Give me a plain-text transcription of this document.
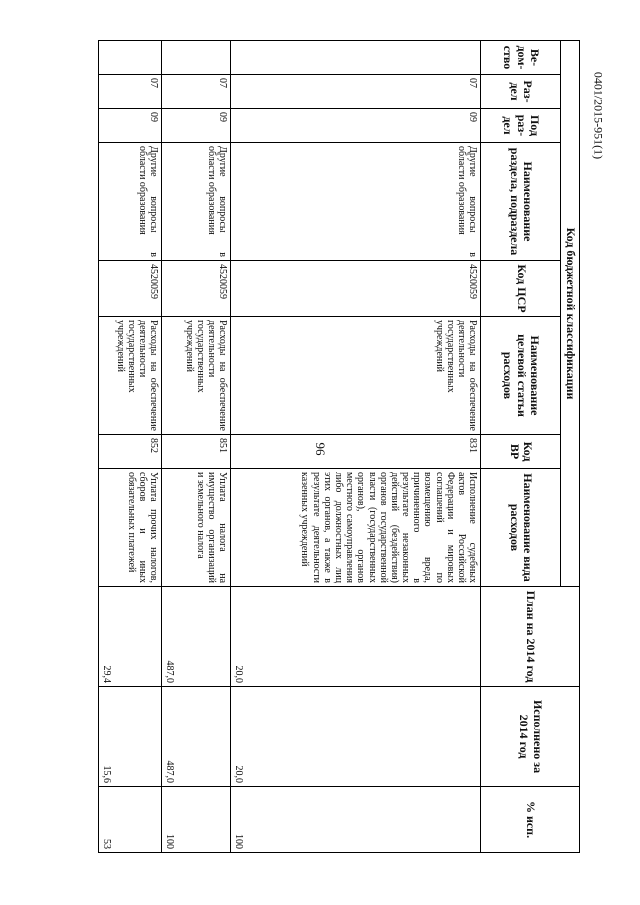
96
0401/2015-951(1)
Код бюджетной классификации								План на 2014 год	Исполнено за 2014 год	% исп.
Ве-дом-ство	Раз-дел	Под раз-дел	Наименование раздела, подраздела	Код ЦСР	Наименование целевой статьи расходов	Код ВР	Наименование вида расходов			
	07	09	Другие вопросы в области образования	4520059	Расходы на обеспечение деятельности государственных учреждений	831	Исполнение судебных актов Российской Федерации и мировых соглашений по возмещению вреда, причиненного в результате незаконных действий (бездействия) органов государственной власти (государственных органов), органов местного самоуправления либо должностных лиц этих органов, а также в результате деятельности казенных учреждений	20,0	20,0	100
	07	09	Другие вопросы в области образования	4520059	Расходы на обеспечение деятельности государственных учреждений	851	Уплата налога на имущество организаций и земельного налога	487,0	487,0	100
	07	09	Другие вопросы в области образования	4520059	Расходы на обеспечение деятельности государственных учреждений	852	Уплата прочих налогов, сборов и иных обязательных платежей	29,4	15,6	53
